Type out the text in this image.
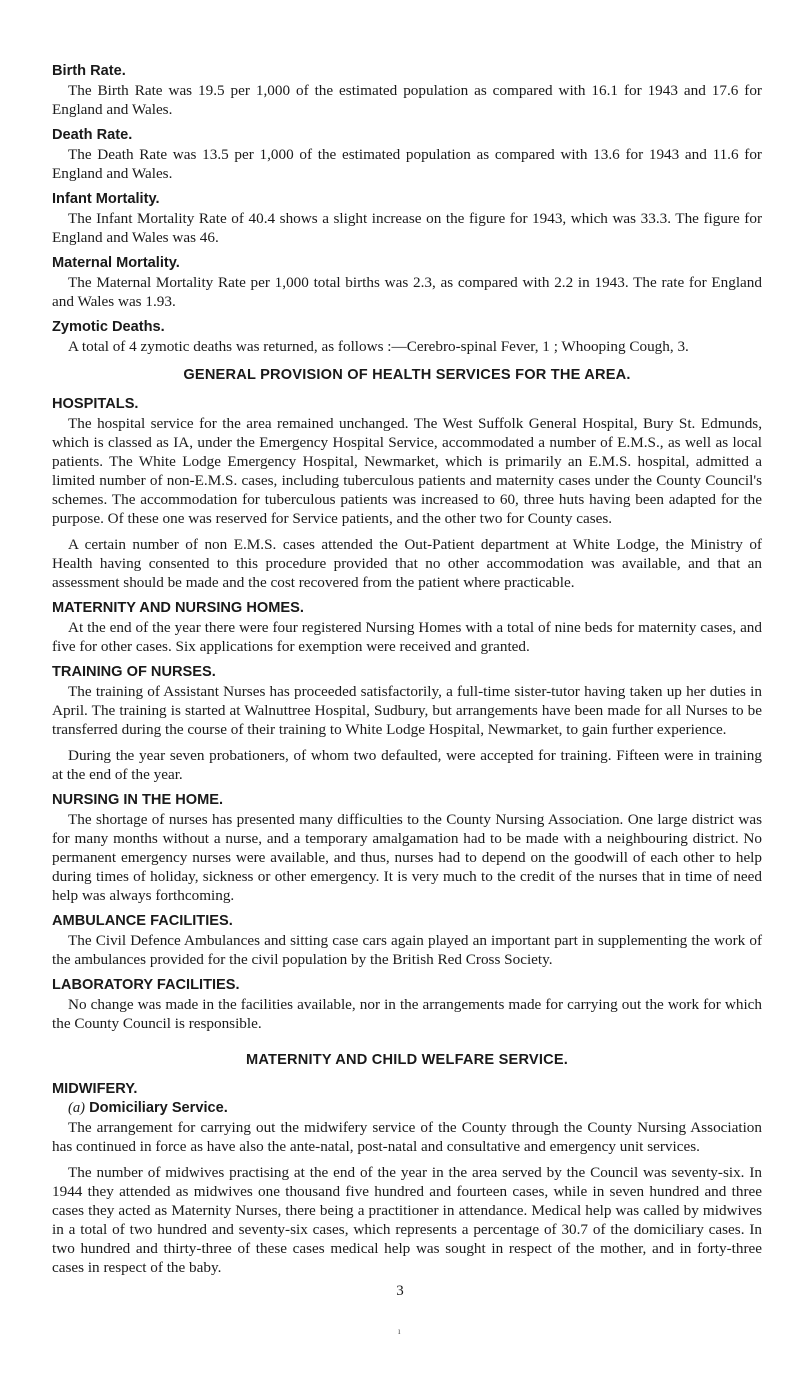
Birth Rate.

The Birth Rate was 19.5 per 1,000 of the estimated population as compared with 16.1 for 1943 and 17.6 for England and Wales.

Death Rate.

The Death Rate was 13.5 per 1,000 of the estimated population as compared with 13.6 for 1943 and 11.6 for England and Wales.

Infant Mortality.

The Infant Mortality Rate of 40.4 shows a slight increase on the figure for 1943, which was 33.3. The figure for England and Wales was 46.

Maternal Mortality.

The Maternal Mortality Rate per 1,000 total births was 2.3, as compared with 2.2 in 1943. The rate for England and Wales was 1.93.

Zymotic Deaths.

A total of 4 zymotic deaths was returned, as follows :—Cerebro-spinal Fever, 1 ; Whooping Cough, 3.

GENERAL PROVISION OF HEALTH SERVICES FOR THE AREA.
HOSPITALS.

The hospital service for the area remained unchanged. The West Suffolk General Hospital, Bury St. Edmunds, which is classed as IA, under the Emergency Hospital Service, accommodated a number of E.M.S., as well as local patients. The White Lodge Emergency Hospital, Newmarket, which is primarily an E.M.S. hospital, admitted a limited number of non-E.M.S. cases, including tuberculous patients and maternity cases under the County Council's schemes. The accommodation for tuberculous patients was increased to 60, three huts having been adapted for the purpose. Of these one was reserved for Service patients, and the other two for County cases.

A certain number of non E.M.S. cases attended the Out-Patient department at White Lodge, the Ministry of Health having consented to this procedure provided that no other accommodation was available, and that an assessment should be made and the cost recovered from the patient where practicable.

MATERNITY AND NURSING HOMES.

At the end of the year there were four registered Nursing Homes with a total of nine beds for maternity cases, and five for other cases. Six applications for exemption were received and granted.

TRAINING OF NURSES.

The training of Assistant Nurses has proceeded satisfactorily, a full-time sister-tutor having taken up her duties in April. The training is started at Walnuttree Hospital, Sudbury, but arrangements have been made for all Nurses to be transferred during the course of their training to White Lodge Hospital, Newmarket, to gain further experience.

During the year seven probationers, of whom two defaulted, were accepted for training. Fifteen were in training at the end of the year.

NURSING IN THE HOME.

The shortage of nurses has presented many difficulties to the County Nursing Association. One large district was for many months without a nurse, and a temporary amalgamation had to be made with a neighbouring district. No permanent emergency nurses were available, and thus, nurses had to depend on the goodwill of each other to help during times of holiday, sickness or other emergency. It is very much to the credit of the nurses that in time of need help was always forthcoming.

AMBULANCE FACILITIES.

The Civil Defence Ambulances and sitting case cars again played an important part in supplementing the work of the ambulances provided for the civil population by the British Red Cross Society.

LABORATORY FACILITIES.

No change was made in the facilities available, nor in the arrangements made for carrying out the work for which the County Council is responsible.

MATERNITY AND CHILD WELFARE SERVICE.
MIDWIFERY.
(a) Domiciliary Service.

The arrangement for carrying out the midwifery service of the County through the County Nursing Association has continued in force as have also the ante-natal, post-natal and consultative and emergency unit services.

The number of midwives practising at the end of the year in the area served by the Council was seventy-six. In 1944 they attended as midwives one thousand five hundred and fourteen cases, while in seven hundred and three cases they acted as Maternity Nurses, there being a practitioner in attendance. Medical help was called by midwives in a total of two hundred and seventy-six cases, which represents a percentage of 30.7 of the domiciliary cases. In two hundred and thirty-three of these cases medical help was sought in respect of the mother, and in forty-three cases in respect of the baby.

3
ı
